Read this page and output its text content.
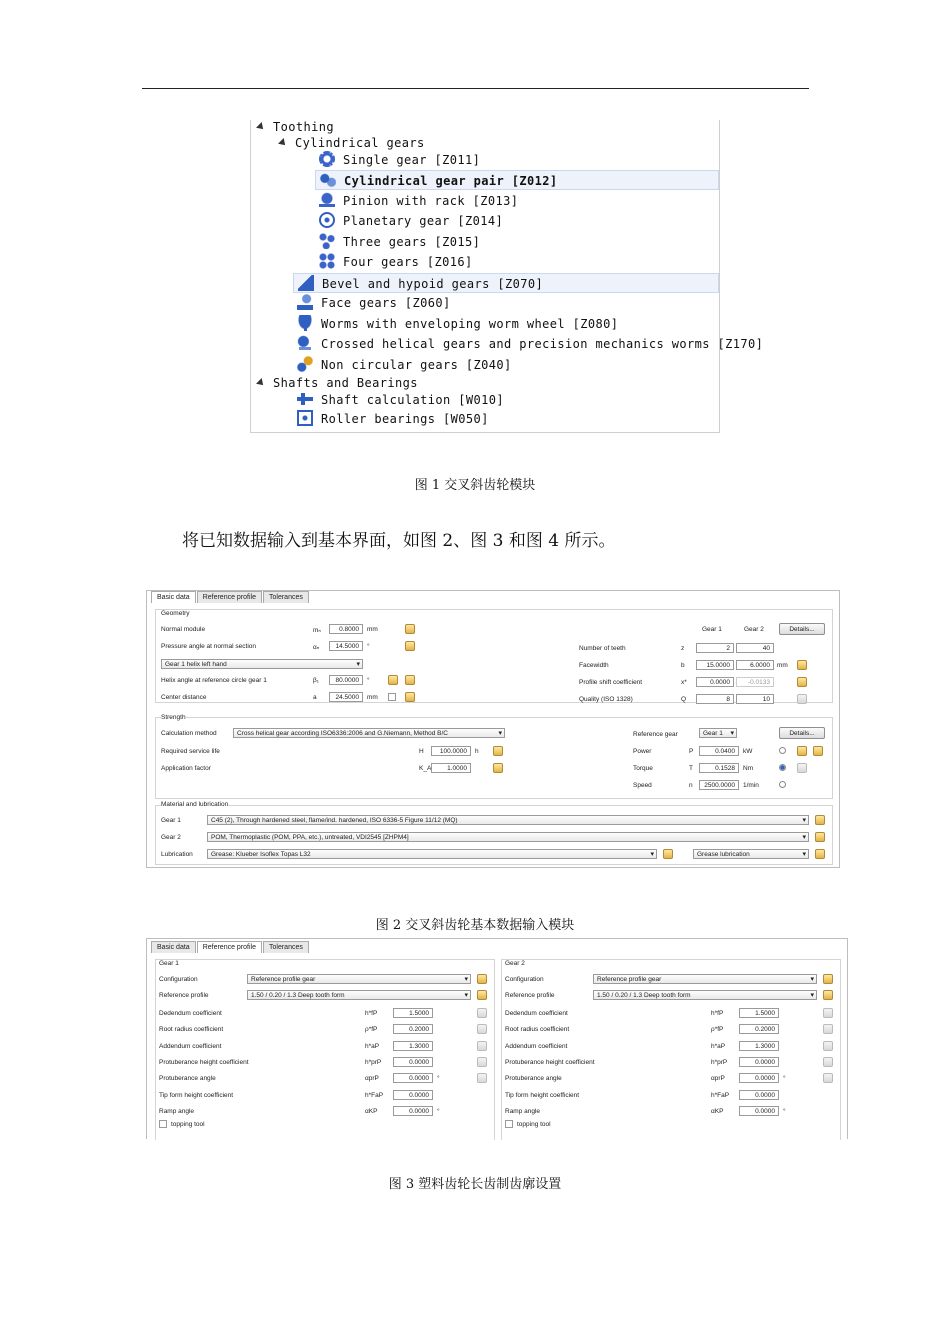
Toothing
Cylindrical gears
Single gear [Z011]
Cylindrical gear pair [Z012]
Pinion with rack [Z013]
Planetary gear [Z014]
Three gears [Z015]
Four gears [Z016]
Bevel and hypoid gears [Z070]
Face gears [Z060]
Worms with enveloping worm wheel [Z080]
Crossed helical gears and precision mechanics worms [Z170]
Non circular gears [Z040]
Shafts and Bearings
Shaft calculation [W010]
Roller bearings [W050]
图 1 交叉斜齿轮模块
将已知数据输入到基本界面，如图 2、图 3 和图 4 所示。
Basic data Reference profile Tolerances
Geometry
Normal module	mₙ	0.8000	mm
Pressure angle at normal section	αₙ	14.5000	°
Gear 1 helix left hand ▾
Helix angle at reference circle gear 1	β₁	80.0000	°
Center distance	a	24.5000	mm
Gear 1	Gear 2	Details...
Number of teeth	z	2	40
Facewidth	b	15.0000	6.0000	mm
Profile shift coefficient	x*	0.0000	-0.0133
Quality (ISO 1328)	Q	8	10
Strength
Calculation method	Cross helical gear according ISO6336:2006 and G.Niemann, Method B/C ▾
Required service life	H	100.0000	h
Application factor	K_A	1.0000
Reference gear	Gear 1 ▾	Details...
Power	P	0.0400	kW
Torque	T	0.1528	Nm
Speed	n	2500.0000	1/min
Material and lubrication
Gear 1	C45 (2), Through hardened steel, flame/ind. hardened, ISO 6336-5 Figure 11/12 (MQ) ▾
Gear 2	POM, Thermoplastic (POM, PPA, etc.), untreated, VDI2545 [ZHPM4] ▾
Lubrication	Grease: Klueber Isoflex Topas L32 ▾	Grease lubrication ▾
图 2 交叉斜齿轮基本数据输入模块
Basic data Reference profile Tolerances
Gear 1
Configuration	Reference profile gear ▾
Reference profile	1.50 / 0.20 / 1.3 Deep tooth form ▾
Dedendum coefficient	h*fP	1.5000
Root radius coefficient	ρ*fP	0.2000
Addendum coefficient	h*aP	1.3000
Protuberance height coefficient	h*prP	0.0000
Protuberance angle	αprP	0.0000	°
Tip form height coefficient	h*FaP	0.0000
Ramp angle	αKP	0.0000	°
topping tool
Gear 2
Configuration	Reference profile gear ▾
Reference profile	1.50 / 0.20 / 1.3 Deep tooth form ▾
Dedendum coefficient	h*fP	1.5000
Root radius coefficient	ρ*fP	0.2000
Addendum coefficient	h*aP	1.3000
Protuberance height coefficient	h*prP	0.0000
Protuberance angle	αprP	0.0000	°
Tip form height coefficient	h*FaP	0.0000
Ramp angle	αKP	0.0000	°
topping tool
图 3 塑料齿轮长齿制齿廓设置
